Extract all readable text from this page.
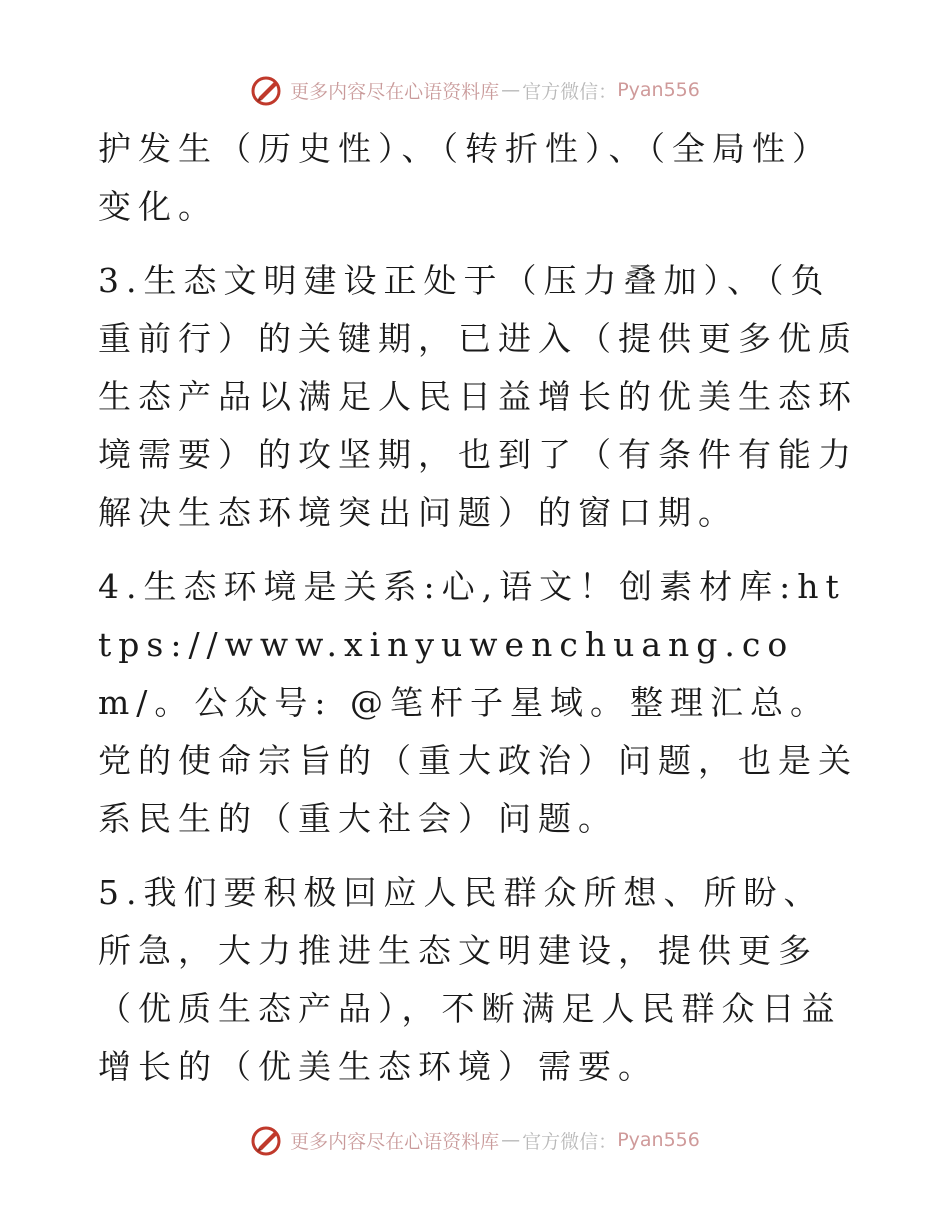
更多内容尽在心语资料库 — 官方微信： Pyan556

护发生（历史性）、（转折性）、（全局性）变化。

3.生态文明建设正处于（压力叠加）、（负重前行）的关键期，已进入（提供更多优质生态产品以满足人民日益增长的优美生态环境需要）的攻坚期，也到了（有条件有能力解决生态环境突出问题）的窗口期。

4.生态环境是关系:心,语文！创素材库:https://www.xinyuwenchuang.com/。公众号: @笔杆子星域。整理汇总。党的使命宗旨的（重大政治）问题，也是关系民生的（重大社会）问题。

5.我们要积极回应人民群众所想、所盼、所急，大力推进生态文明建设，提供更多（优质生态产品），不断满足人民群众日益增长的（优美生态环境）需要。

更多内容尽在心语资料库 — 官方微信： Pyan556
